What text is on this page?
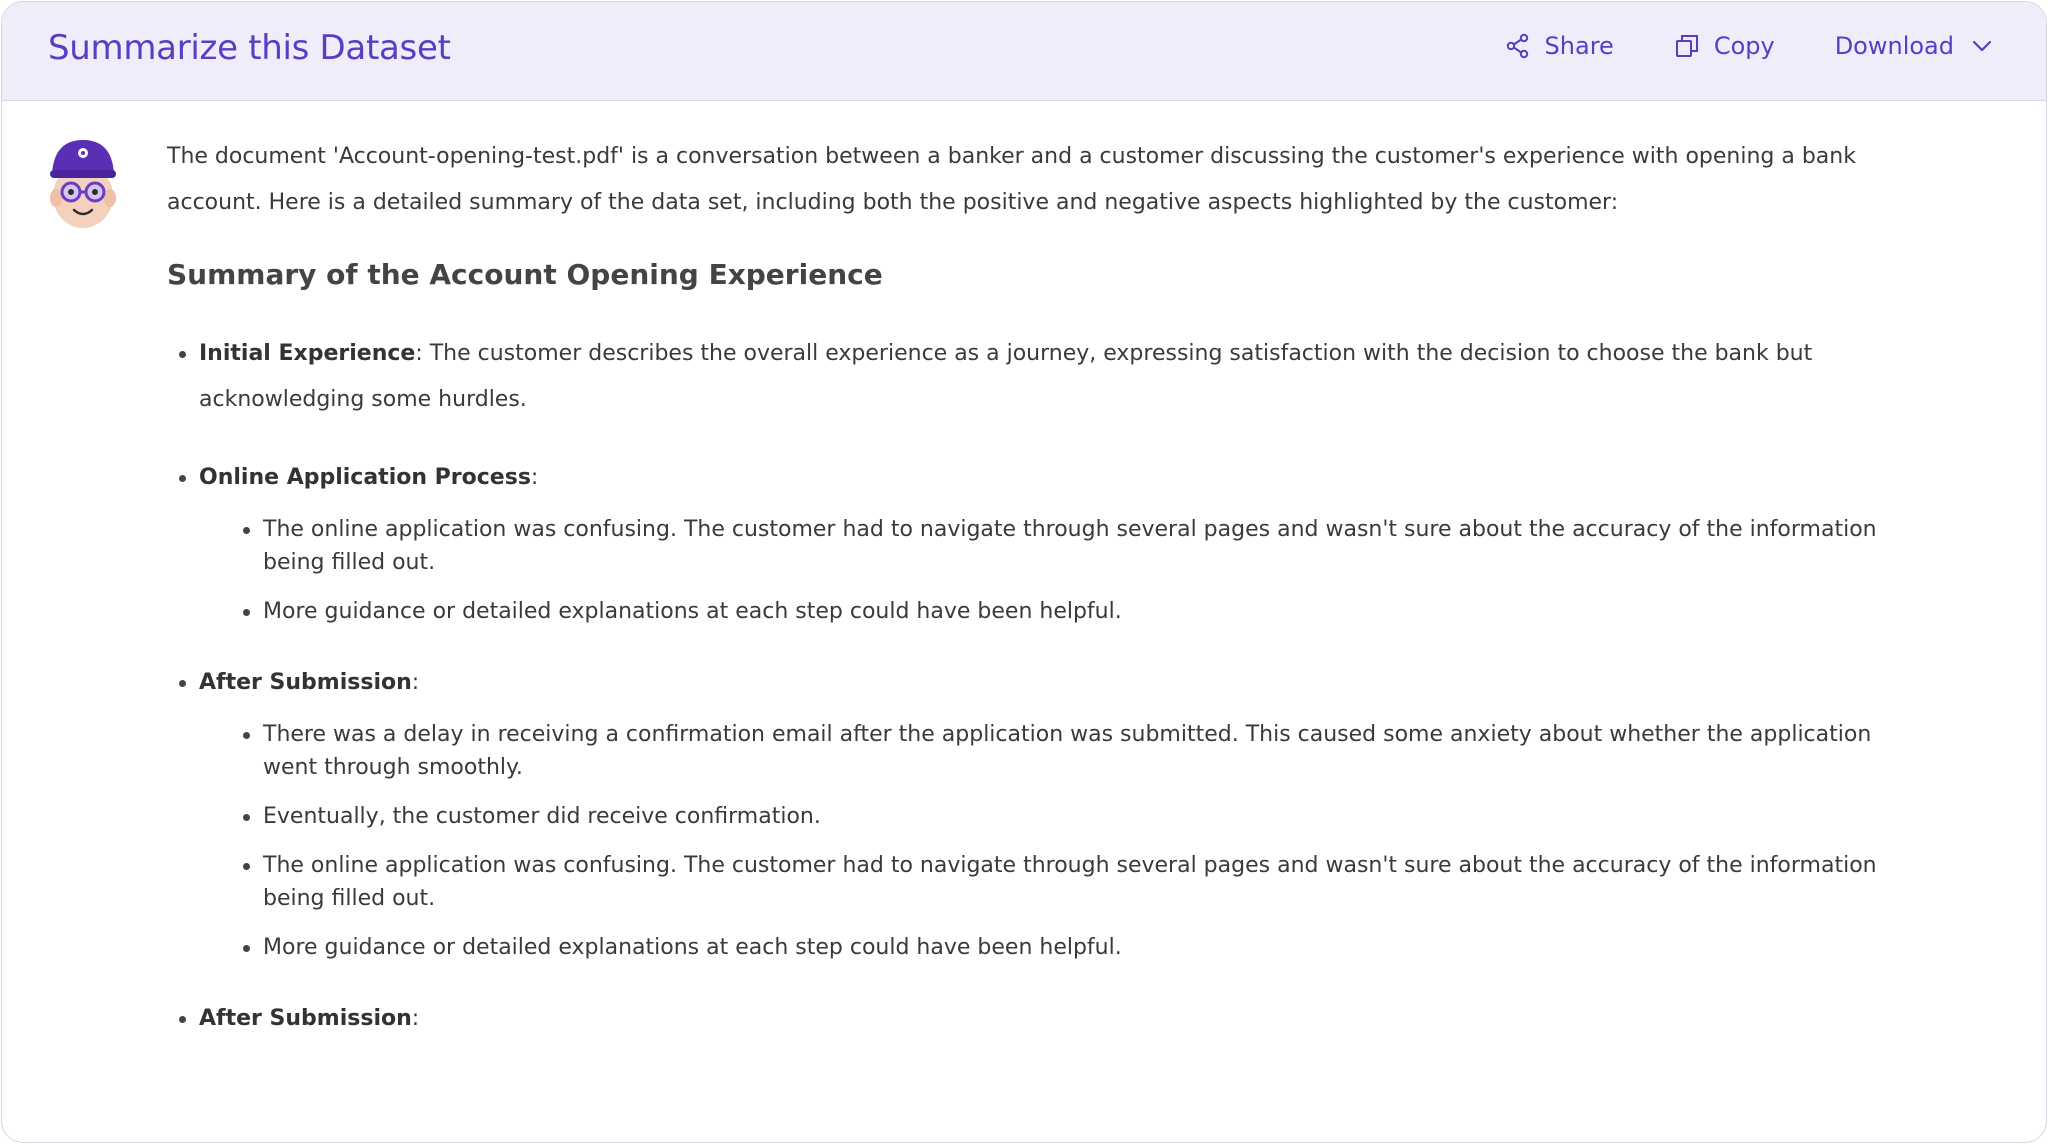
Summarize this Dataset	Share	Copy	Download

The document 'Account-opening-test.pdf' is a conversation between a banker and a customer discussing the customer's experience with opening a bank account. Here is a detailed summary of the data set, including both the positive and negative aspects highlighted by the customer:

Summary of the Account Opening Experience
Initial Experience: The customer describes the overall experience as a journey, expressing satisfaction with the decision to choose the bank but acknowledging some hurdles.
Online Application Process:
The online application was confusing. The customer had to navigate through several pages and wasn't sure about the accuracy of the information being filled out.
More guidance or detailed explanations at each step could have been helpful.
After Submission:
There was a delay in receiving a confirmation email after the application was submitted. This caused some anxiety about whether the application went through smoothly.
Eventually, the customer did receive confirmation.
The online application was confusing. The customer had to navigate through several pages and wasn't sure about the accuracy of the information being filled out.
More guidance or detailed explanations at each step could have been helpful.
After Submission:
